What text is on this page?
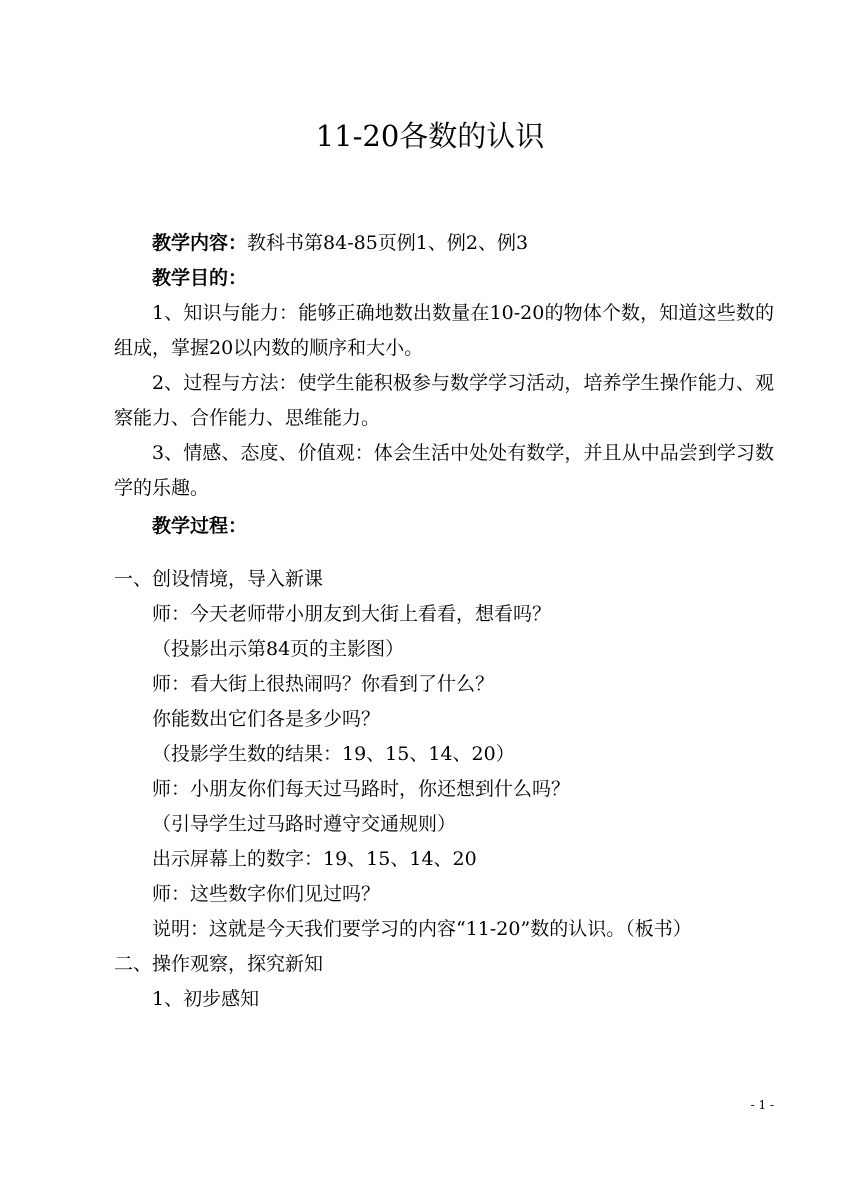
11-20各数的认识
教学内容：教科书第84-85页例1、例2、例3
教学目的：
1、知识与能力：能够正确地数出数量在10-20的物体个数，知道这些数的组成，掌握20以内数的顺序和大小。
2、过程与方法：使学生能积极参与数学学习活动，培养学生操作能力、观察能力、合作能力、思维能力。
3、情感、态度、价值观：体会生活中处处有数学，并且从中品尝到学习数学的乐趣。
教学过程：
一、创设情境，导入新课
师：今天老师带小朋友到大街上看看，想看吗？
（投影出示第84页的主影图）
师：看大街上很热闹吗？你看到了什么？
你能数出它们各是多少吗？
（投影学生数的结果：19、15、14、20）
师：小朋友你们每天过马路时，你还想到什么吗？
（引导学生过马路时遵守交通规则）
出示屏幕上的数字：19、15、14、20
师：这些数字你们见过吗？
说明：这就是今天我们要学习的内容“11-20”数的认识。（板书）
二、操作观察，探究新知
1、初步感知
- 1 -
